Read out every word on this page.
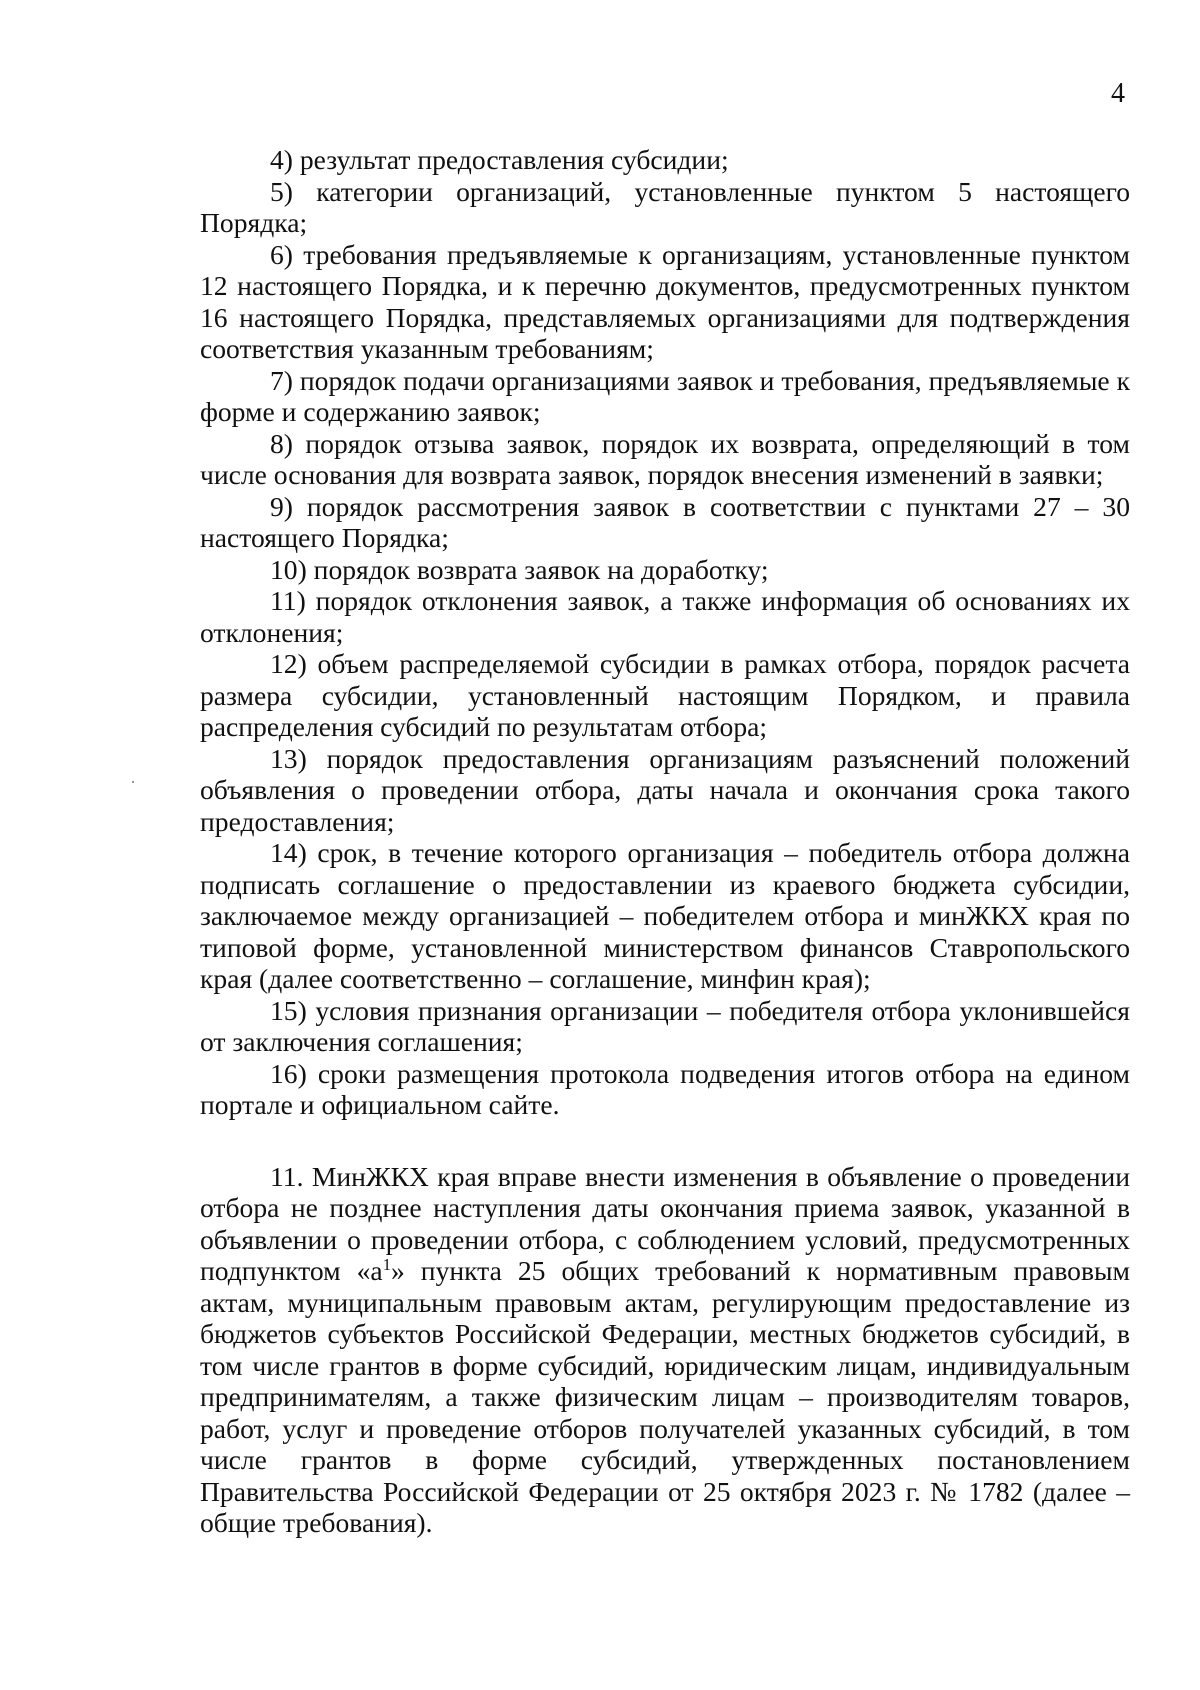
4

4) результат предоставления субсидии;

5) категории организаций, установленные пунктом 5 настоящего Порядка;

6) требования предъявляемые к организациям, установленные пунктом 12 настоящего Порядка, и к перечню документов, предусмотренных пунктом 16 настоящего Порядка, представляемых организациями для подтверждения соответствия указанным требованиям;

7) порядок подачи организациями заявок и требования, предъявляемые к форме и содержанию заявок;

8) порядок отзыва заявок, порядок их возврата, определяющий в том числе основания для возврата заявок, порядок внесения изменений в заявки;

9) порядок рассмотрения заявок в соответствии с пунктами 27 – 30 настоящего Порядка;

10) порядок возврата заявок на доработку;

11) порядок отклонения заявок, а также информация об основаниях их отклонения;

12) объем распределяемой субсидии в рамках отбора, порядок расчета размера субсидии, установленный настоящим Порядком, и правила распределения субсидий по результатам отбора;

13) порядок предоставления организациям разъяснений положений объявления о проведении отбора, даты начала и окончания срока такого предоставления;

14) срок, в течение которого организация – победитель отбора должна подписать соглашение о предоставлении из краевого бюджета субсидии, заключаемое между организацией – победителем отбора и минЖКХ края по типовой форме, установленной министерством финансов Ставропольского края (далее соответственно – соглашение, минфин края);

15) условия признания организации – победителя отбора уклонившейся от заключения соглашения;

16) сроки размещения протокола подведения итогов отбора на едином портале и официальном сайте.

11. МинЖКХ края вправе внести изменения в объявление о проведении отбора не позднее наступления даты окончания приема заявок, указанной в объявлении о проведении отбора, с соблюдением условий, предусмотренных подпунктом «$а^1$» пункта 25 общих требований к нормативным правовым актам, муниципальным правовым актам, регулирующим предоставление из бюджетов субъектов Российской Федерации, местных бюджетов субсидий, в том числе грантов в форме субсидий, юридическим лицам, индивидуальным предпринимателям, а также физическим лицам – производителям товаров, работ, услуг и проведение отборов получателей указанных субсидий, в том числе грантов в форме субсидий, утвержденных постановлением Правительства Российской Федерации от 25 октября 2023 г. № 1782 (далее – общие требования).
